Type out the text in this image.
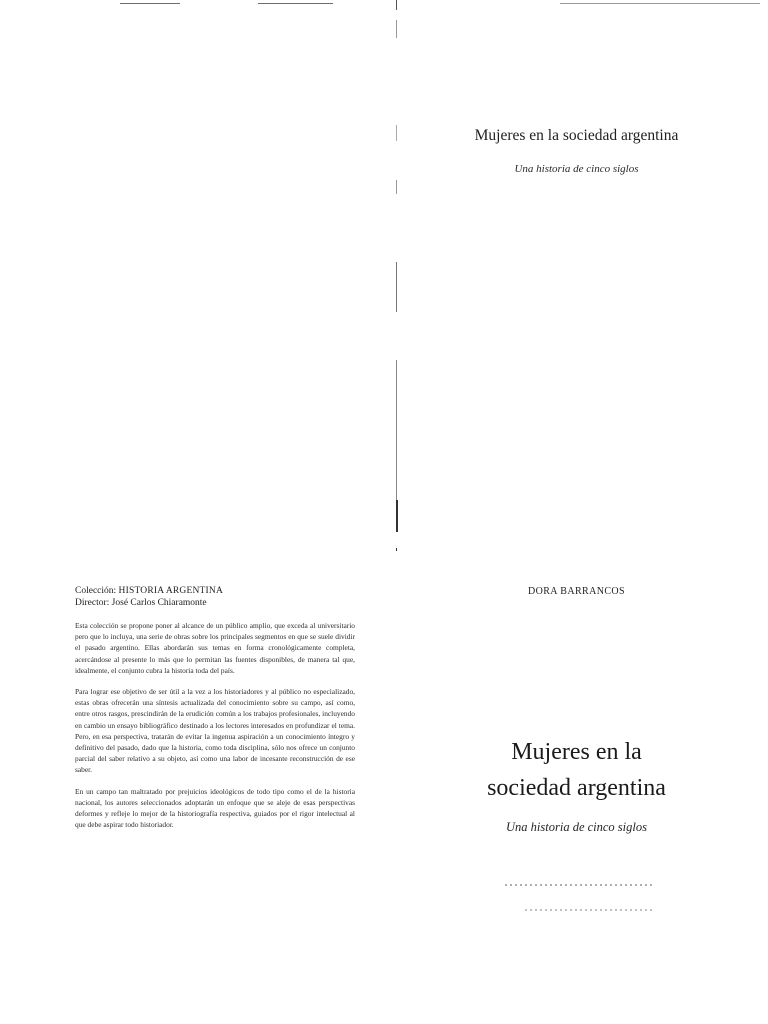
Colección: HISTORIA ARGENTINA
Director: José Carlos Chiaramonte

Esta colección se propone poner al alcance de un público amplio, que exceda al universitario pero que lo incluya, una serie de obras sobre los principales segmentos en que se suele dividir el pasado argentino. Ellas abordarán sus temas en forma cronológicamente completa, acercándose al presente lo más que lo permitan las fuentes disponibles, de manera tal que, idealmente, el conjunto cubra la historia toda del país.

Para lograr ese objetivo de ser útil a la vez a los historiadores y al público no especializado, estas obras ofrecerán una síntesis actualizada del conocimiento sobre su campo, así como, entre otros rasgos, prescindirán de la erudición común a los trabajos profesionales, incluyendo en cambio un ensayo bibliográfico destinado a los lectores interesados en profundizar el tema. Pero, en esa perspectiva, tratarán de evitar la ingenua aspiración a un conocimiento íntegro y definitivo del pasado, dado que la historia, como toda disciplina, sólo nos ofrece un conjunto parcial del saber relativo a su objeto, así como una labor de incesante reconstrucción de ese saber.

En un campo tan maltratado por prejuicios ideológicos de todo tipo como el de la historia nacional, los autores seleccionados adoptarán un enfoque que se aleje de esas perspectivas deformes y refleje lo mejor de la historiografía respectiva, guiados por el rigor intelectual al que debe aspirar todo historiador.

Mujeres en la sociedad argentina
Una historia de cinco siglos
DORA BARRANCOS
Mujeres en la
sociedad argentina
Una historia de cinco siglos
